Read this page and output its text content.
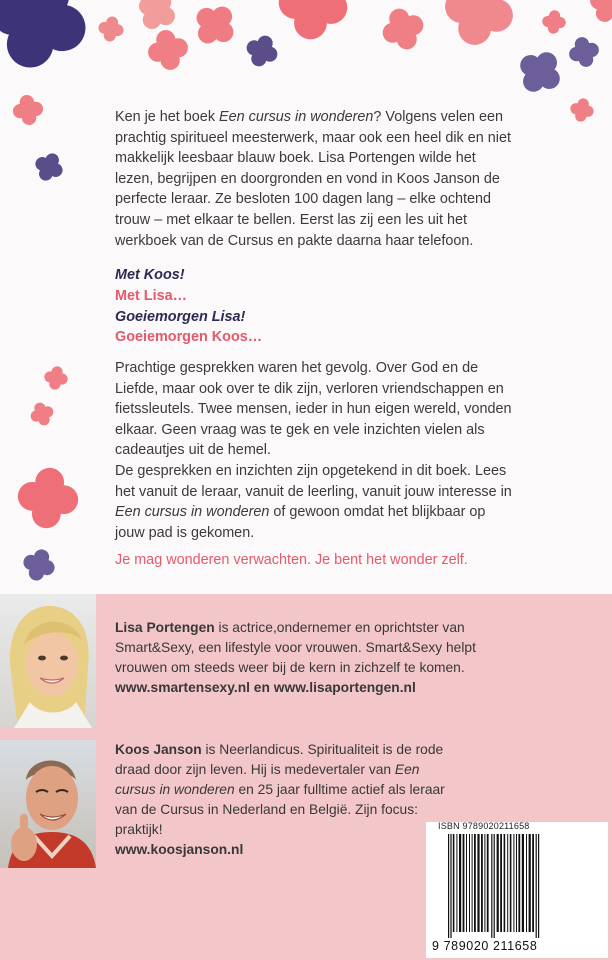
Ken je het boek Een cursus in wonderen? Volgens velen een prachtig spiritueel meesterwerk, maar ook een heel dik en niet makkelijk leesbaar blauw boek. Lisa Portengen wilde het lezen, begrijpen en doorgronden en vond in Koos Janson de perfecte leraar. Ze besloten 100 dagen lang – elke ochtend trouw – met elkaar te bellen. Eerst las zij een les uit het werkboek van de Cursus en pakte daarna haar telefoon.
Met Koos!
Met Lisa…
Goeiemorgen Lisa!
Goeiemorgen Koos…

Prachtige gesprekken waren het gevolg. Over God en de Liefde, maar ook over te dik zijn, verloren vriendschappen en fietssleutels. Twee mensen, ieder in hun eigen wereld, vonden elkaar. Geen vraag was te gek en vele inzichten vielen als cadeautjes uit de hemel.

De gesprekken en inzichten zijn opgetekend in dit boek. Lees het vanuit de leraar, vanuit de leerling, vanuit jouw interesse in Een cursus in wonderen of gewoon omdat het blijkbaar op jouw pad is gekomen.

Je mag wonderen verwachten. Je bent het wonder zelf.
Lisa Portengen is actrice,ondernemer en oprichtster van Smart&Sexy, een lifestyle voor vrouwen. Smart&Sexy helpt vrouwen om steeds weer bij de kern in zichzelf te komen.
www.smartensexy.nl en www.lisaportengen.nl
Koos Janson is Neerlandicus. Spiritualiteit is de rode draad door zijn leven. Hij is medevertaler van Een cursus in wonderen en 25 jaar fulltime actief als leraar van de Cursus in Nederland en België. Zijn focus: praktijk!
www.koosjanson.nl
ISBN 9789020211658
9 789020 211658
